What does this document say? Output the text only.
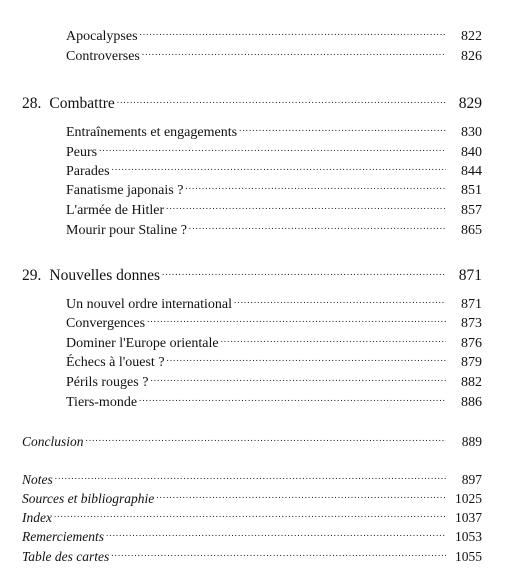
Apocalypses . . .	822
Controverses . . .	826
28. Combattre . . .	829
Entraînements et engagements . . .	830
Peurs . . .	840
Parades . . .	844
Fanatisme japonais ? . . .	851
L'armée de Hitler . . .	857
Mourir pour Staline ? . . .	865
29. Nouvelles donnes . . .	871
Un nouvel ordre international . . .	871
Convergences . . .	873
Dominer l'Europe orientale . . .	876
Échecs à l'ouest ? . . .	879
Périls rouges ? . . .	882
Tiers-monde . . .	886
Conclusion . . .	889
Notes . . .	897
Sources et bibliographie . . .	1025
Index . . .	1037
Remerciements . . .	1053
Table des cartes . . .	1055
